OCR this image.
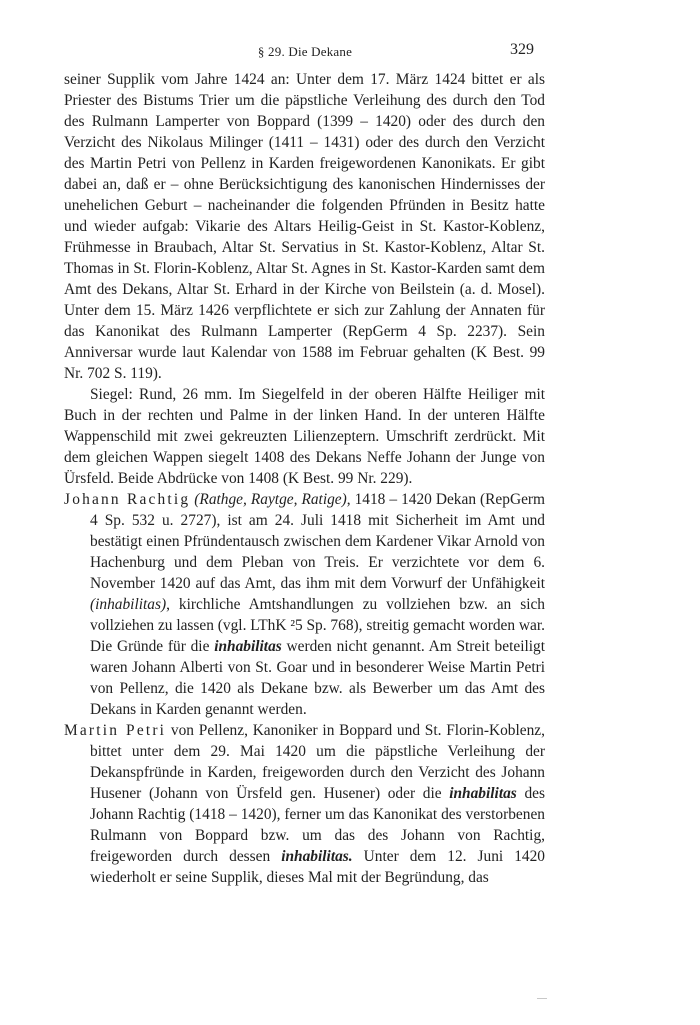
§ 29. Die Dekane	329

seiner Supplik vom Jahre 1424 an: Unter dem 17. März 1424 bittet er als Priester des Bistums Trier um die päpstliche Verleihung des durch den Tod des Rulmann Lamperter von Boppard (1399 – 1420) oder des durch den Verzicht des Nikolaus Milinger (1411 – 1431) oder des durch den Verzicht des Martin Petri von Pellenz in Karden freigewordenen Kanonikats. Er gibt dabei an, daß er – ohne Berücksichtigung des kanonischen Hindernisses der unehelichen Geburt – nacheinander die folgenden Pfründen in Besitz hatte und wieder aufgab: Vikarie des Altars Heilig-Geist in St. Kastor-Koblenz, Frühmesse in Braubach, Altar St. Servatius in St. Kastor-Koblenz, Altar St. Thomas in St. Florin-Koblenz, Altar St. Agnes in St. Kastor-Karden samt dem Amt des Dekans, Altar St. Erhard in der Kirche von Beilstein (a. d. Mosel). Unter dem 15. März 1426 verpflichtete er sich zur Zahlung der Annaten für das Kanonikat des Rulmann Lamperter (RepGerm 4 Sp. 2237). Sein Anniversar wurde laut Kalendar von 1588 im Februar gehalten (K Best. 99 Nr. 702 S. 119).

Siegel: Rund, 26 mm. Im Siegelfeld in der oberen Hälfte Heiliger mit Buch in der rechten und Palme in der linken Hand. In der unteren Hälfte Wappenschild mit zwei gekreuzten Lilienzeptern. Umschrift zerdrückt. Mit dem gleichen Wappen siegelt 1408 des Dekans Neffe Johann der Junge von Ürsfeld. Beide Abdrücke von 1408 (K Best. 99 Nr. 229).

Johann Rachtig (Rathge, Raytge, Ratige), 1418 – 1420 Dekan (RepGerm 4 Sp. 532 u. 2727), ist am 24. Juli 1418 mit Sicherheit im Amt und bestätigt einen Pfründentausch zwischen dem Kardener Vikar Arnold von Hachenburg und dem Pleban von Treis. Er verzichtete vor dem 6. November 1420 auf das Amt, das ihm mit dem Vorwurf der Unfähigkeit (inhabilitas), kirchliche Amtshandlungen zu vollziehen bzw. an sich vollziehen zu lassen (vgl. LThK ²5 Sp. 768), streitig gemacht worden war. Die Gründe für die inhabilitas werden nicht genannt. Am Streit beteiligt waren Johann Alberti von St. Goar und in besonderer Weise Martin Petri von Pellenz, die 1420 als Dekane bzw. als Bewerber um das Amt des Dekans in Karden genannt werden.

Martin Petri von Pellenz, Kanoniker in Boppard und St. Florin-Koblenz, bittet unter dem 29. Mai 1420 um die päpstliche Verleihung der Dekanspfründe in Karden, freigeworden durch den Verzicht des Johann Husener (Johann von Ürsfeld gen. Husener) oder die inhabilitas des Johann Rachtig (1418 – 1420), ferner um das Kanonikat des verstorbenen Rulmann von Boppard bzw. um das des Johann von Rachtig, freigeworden durch dessen inhabilitas. Unter dem 12. Juni 1420 wiederholt er seine Supplik, dieses Mal mit der Begründung, das
